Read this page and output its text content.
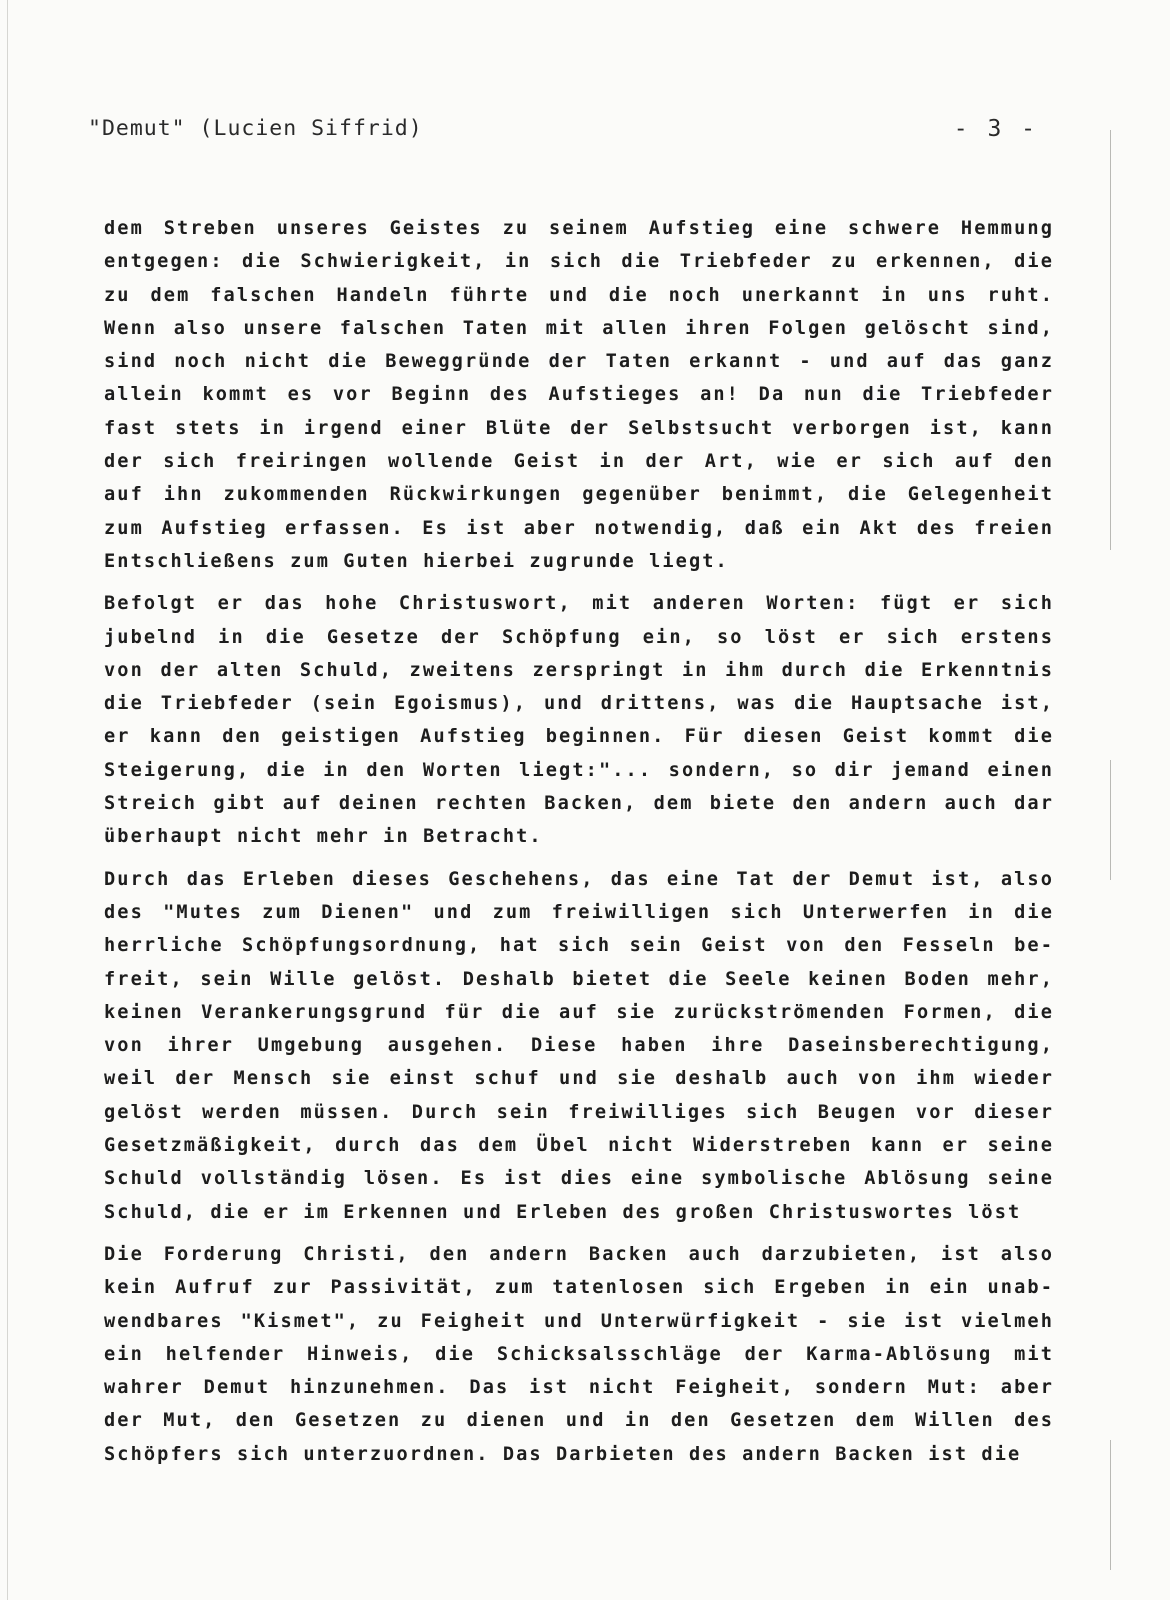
"Demut" (Lucien Siffrid)	- 3 -
dem Streben unseres Geistes zu seinem Aufstieg eine schwere Hemmung
entgegen: die Schwierigkeit, in sich die Triebfeder zu erkennen, die
zu dem falschen Handeln führte und die noch unerkannt in uns ruht.
Wenn also unsere falschen Taten mit allen ihren Folgen gelöscht sind,
sind noch nicht die Beweggründe der Taten erkannt - und auf das ganz
allein kommt es vor Beginn des Aufstieges an! Da nun die Triebfeder
fast stets in irgend einer Blüte der Selbstsucht verborgen ist, kann
der sich freiringen wollende Geist in der Art, wie er sich auf den
auf ihn zukommenden Rückwirkungen gegenüber benimmt, die Gelegenheit
zum Aufstieg erfassen. Es ist aber notwendig, daß ein Akt des freien
Entschließens zum Guten hierbei zugrunde liegt.
Befolgt er das hohe Christuswort, mit anderen Worten: fügt er sich
jubelnd in die Gesetze der Schöpfung ein, so löst er sich erstens
von der alten Schuld, zweitens zerspringt in ihm durch die Erkenntnis
die Triebfeder (sein Egoismus), und drittens, was die Hauptsache ist,
er kann den geistigen Aufstieg beginnen. Für diesen Geist kommt die
Steigerung, die in den Worten liegt:"... sondern, so dir jemand einen
Streich gibt auf deinen rechten Backen, dem biete den andern auch dar
überhaupt nicht mehr in Betracht.
Durch das Erleben dieses Geschehens, das eine Tat der Demut ist, also
des "Mutes zum Dienen" und zum freiwilligen sich Unterwerfen in die
herrliche Schöpfungsordnung, hat sich sein Geist von den Fesseln be-
freit, sein Wille gelöst. Deshalb bietet die Seele keinen Boden mehr,
keinen Verankerungsgrund für die auf sie zurückströmenden Formen, die
von ihrer Umgebung ausgehen. Diese haben ihre Daseinsberechtigung,
weil der Mensch sie einst schuf und sie deshalb auch von ihm wieder
gelöst werden müssen. Durch sein freiwilliges sich Beugen vor dieser
Gesetzmäßigkeit, durch das dem Übel nicht Widerstreben kann er seine
Schuld vollständig lösen. Es ist dies eine symbolische Ablösung seine
Schuld, die er im Erkennen und Erleben des großen Christuswortes löst
Die Forderung Christi, den andern Backen auch darzubieten, ist also
kein Aufruf zur Passivität, zum tatenlosen sich Ergeben in ein unab-
wendbares "Kismet", zu Feigheit und Unterwürfigkeit - sie ist vielmeh
ein helfender Hinweis, die Schicksalsschläge der Karma-Ablösung mit
wahrer Demut hinzunehmen. Das ist nicht Feigheit, sondern Mut: aber
der Mut, den Gesetzen zu dienen und in den Gesetzen dem Willen des
Schöpfers sich unterzuordnen. Das Darbieten des andern Backen ist die
